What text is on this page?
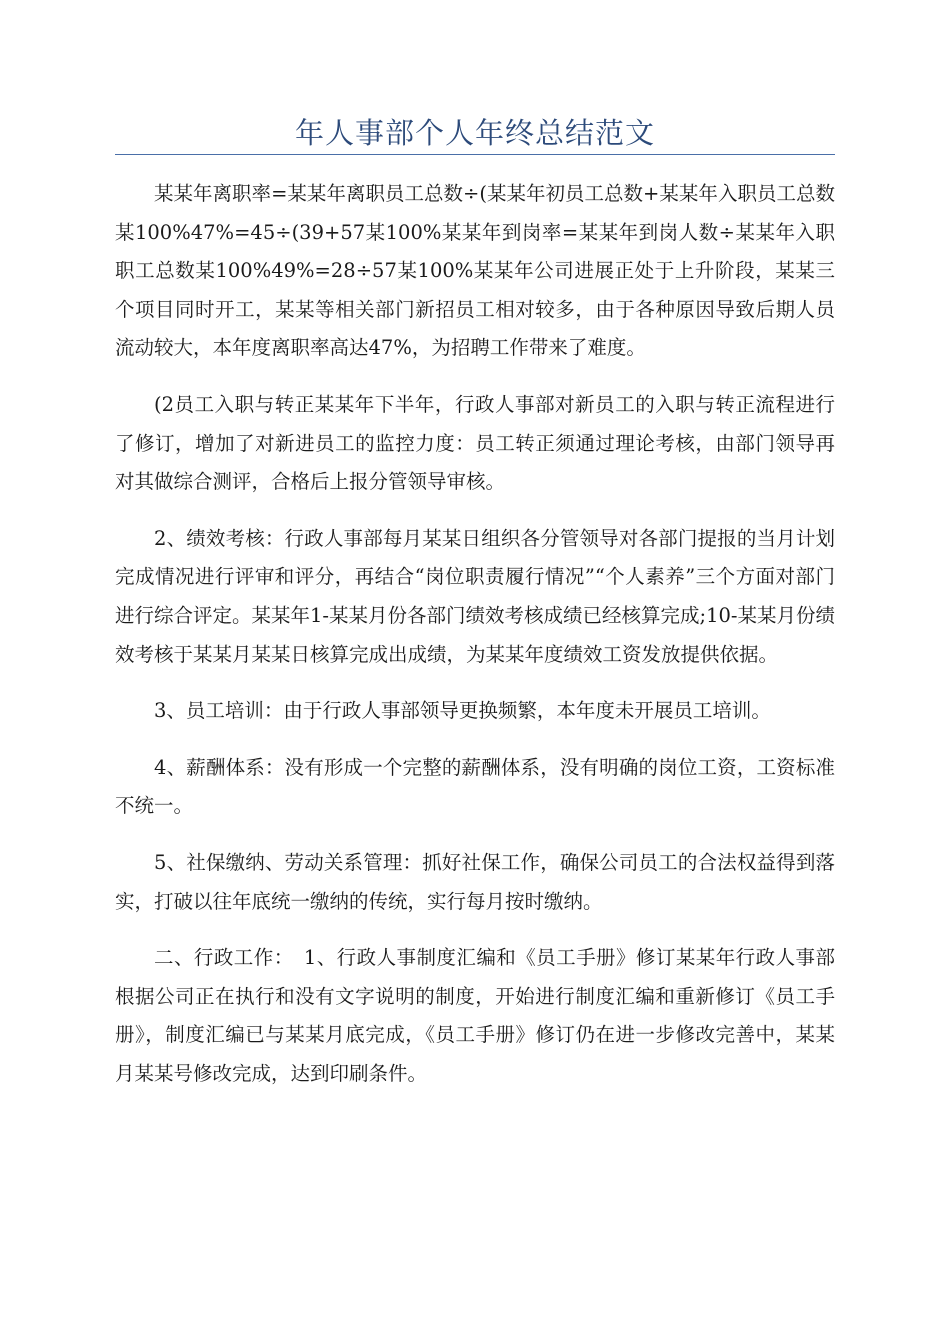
年人事部个人年终总结范文

某某年离职率=某某年离职员工总数÷(某某年初员工总数+某某年入职员工总数某100%47%=45÷(39+57某100%某某年到岗率=某某年到岗人数÷某某年入职职工总数某100%49%=28÷57某100%某某年公司进展正处于上升阶段，某某三个项目同时开工，某某等相关部门新招员工相对较多，由于各种原因导致后期人员流动较大，本年度离职率高达47%，为招聘工作带来了难度。

(2员工入职与转正某某年下半年，行政人事部对新员工的入职与转正流程进行了修订，增加了对新进员工的监控力度：员工转正须通过理论考核，由部门领导再对其做综合测评，合格后上报分管领导审核。

2、绩效考核：行政人事部每月某某日组织各分管领导对各部门提报的当月计划完成情况进行评审和评分，再结合“岗位职责履行情况”“个人素养”三个方面对部门进行综合评定。某某年1-某某月份各部门绩效考核成绩已经核算完成;10-某某月份绩效考核于某某月某某日核算完成出成绩，为某某年度绩效工资发放提供依据。

3、员工培训：由于行政人事部领导更换频繁，本年度未开展员工培训。

4、薪酬体系：没有形成一个完整的薪酬体系，没有明确的岗位工资，工资标准不统一。

5、社保缴纳、劳动关系管理：抓好社保工作，确保公司员工的合法权益得到落实，打破以往年底统一缴纳的传统，实行每月按时缴纳。

二、行政工作：　1、行政人事制度汇编和《员工手册》修订某某年行政人事部根据公司正在执行和没有文字说明的制度，开始进行制度汇编和重新修订《员工手册》，制度汇编已与某某月底完成，《员工手册》修订仍在进一步修改完善中，某某月某某号修改完成，达到印刷条件。
